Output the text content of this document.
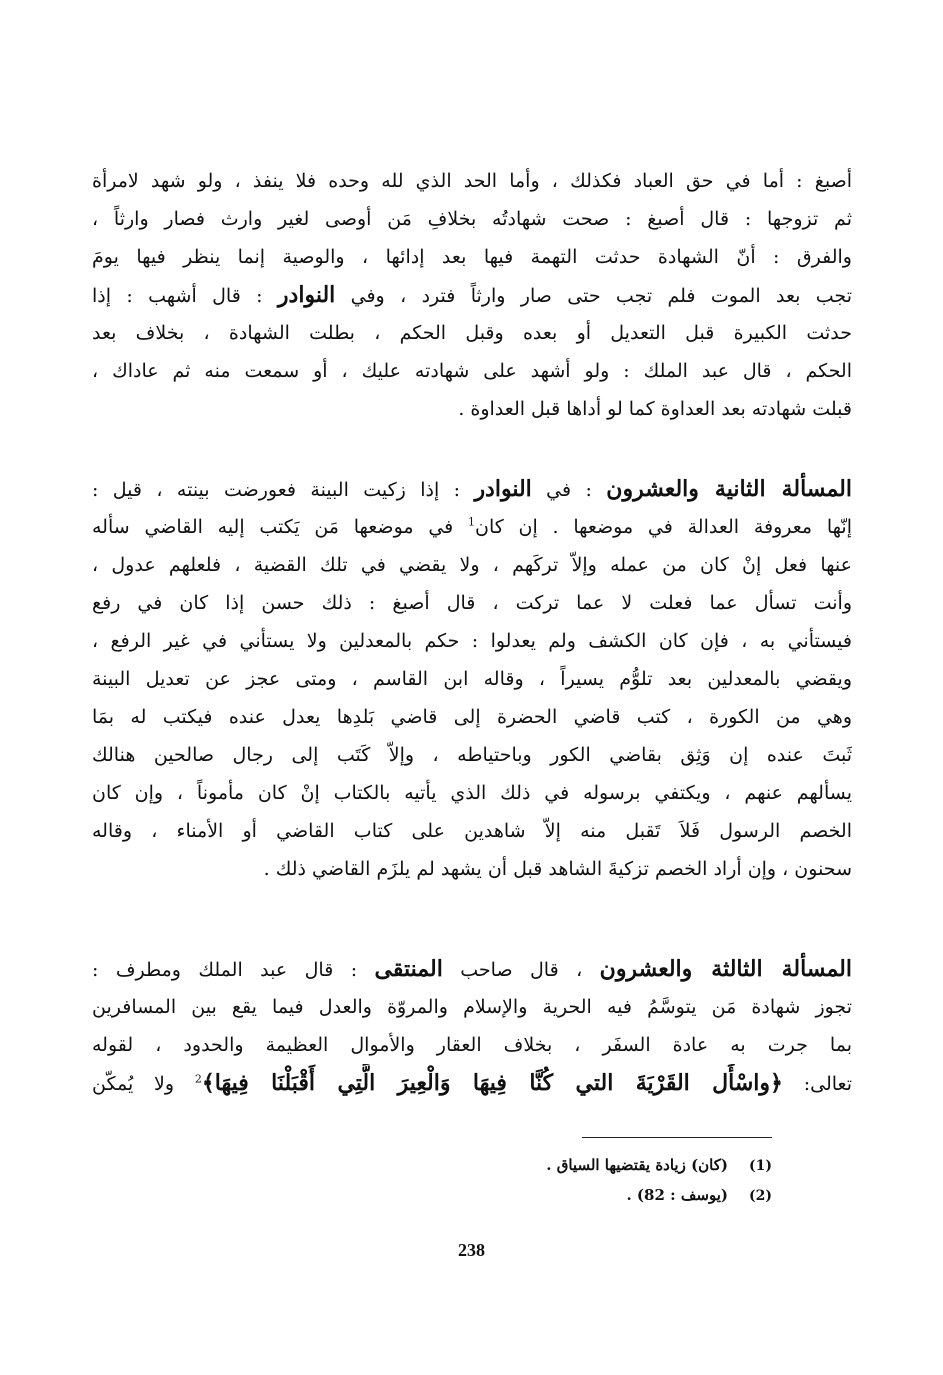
أصبغ : أما في حق العباد فكذلك ، وأما الحد الذي لله وحده فلا ينفذ ، ولو شهد لامرأة
ثم تزوجها : قال أصبغ : صحت شهادتُه بخلافِ مَن أوصى لغير وارث فصار وارثاً ،
والفرق : أنّ الشهادة حدثت التهمة فيها بعد إدائها ، والوصية إنما ينظر فيها يومَ
تجب بعد الموت فلم تجب حتى صار وارثاً فترد ، وفي النوادر : قال أشهب : إذا
حدثت الكبيرة قبل التعديل أو بعده وقبل الحكم ، بطلت الشهادة ، بخلاف بعد
الحكم ، قال عبد الملك : ولو أشهد على شهادته عليك ، أو سمعت منه ثم عاداك ،
قبلت شهادته بعد العداوة كما لو أداها قبل العداوة .
المسألة الثانية والعشرون : في النوادر : إذا زكيت البينة فعورضت بينته ، قيل :
إنّها معروفة العدالة في موضعها . إن كان$^1$ في موضعها مَن يَكتب إليه القاضي سأله
عنها فعل إنْ كان من عمله وإلاّ تركَهم ، ولا يقضي في تلك القضية ، فلعلهم عدول ،
وأنت تسأل عما فعلت لا عما تركت ، قال أصبغ : ذلك حسن إذا كان في رفع
فيستأني به ، فإن كان الكشف ولم يعدلوا : حكم بالمعدلين ولا يستأني في غير الرفع ،
ويقضي بالمعدلين بعد تلوُّم يسيراً ، وقاله ابن القاسم ، ومتى عجز عن تعديل البينة
وهي من الكورة ، كتب قاضي الحضرة إلى قاضي بَلدِها يعدل عنده فيكتب له بمَا
ثَبتَ عنده إن وَثِق بقاضي الكور وباحتياطه ، وإلاّ كَتَب إلى رجال صالحين هنالك
يسألهم عنهم ، ويكتفي برسوله في ذلك الذي يأتيه بالكتاب إنْ كان مأموناً ، وإن كان
الخصم الرسول فَلاَ تَقبل منه إلاّ شاهدين على كتاب القاضي أو الأمناء ، وقاله
سحنون ، وإن أراد الخصم تزكيةَ الشاهد قبل أن يشهد لم يلزَم القاضي ذلك .
المسألة الثالثة والعشرون ، قال صاحب المنتقى : قال عبد الملك ومطرف :
تجوز شهادة مَن يتوسَّمُ فيه الحرية والإسلام والمروّة والعدل فيما يقع بين المسافرين
بما جرت به عادة السفَر ، بخلاف العقار والأموال العظيمة والحدود ، لقوله
تعالى: ﴿واسْأَل القَرْيَةَ التي كُنَّا فِيهَا وَالْعِيرَ الَّتِي أَقْبَلْنَا فِيهَا﴾$^2$ ولا يُمكّن
(1)(كان) زيادة يقتضيها السياق .
(2)(يوسف : 82) .
238
